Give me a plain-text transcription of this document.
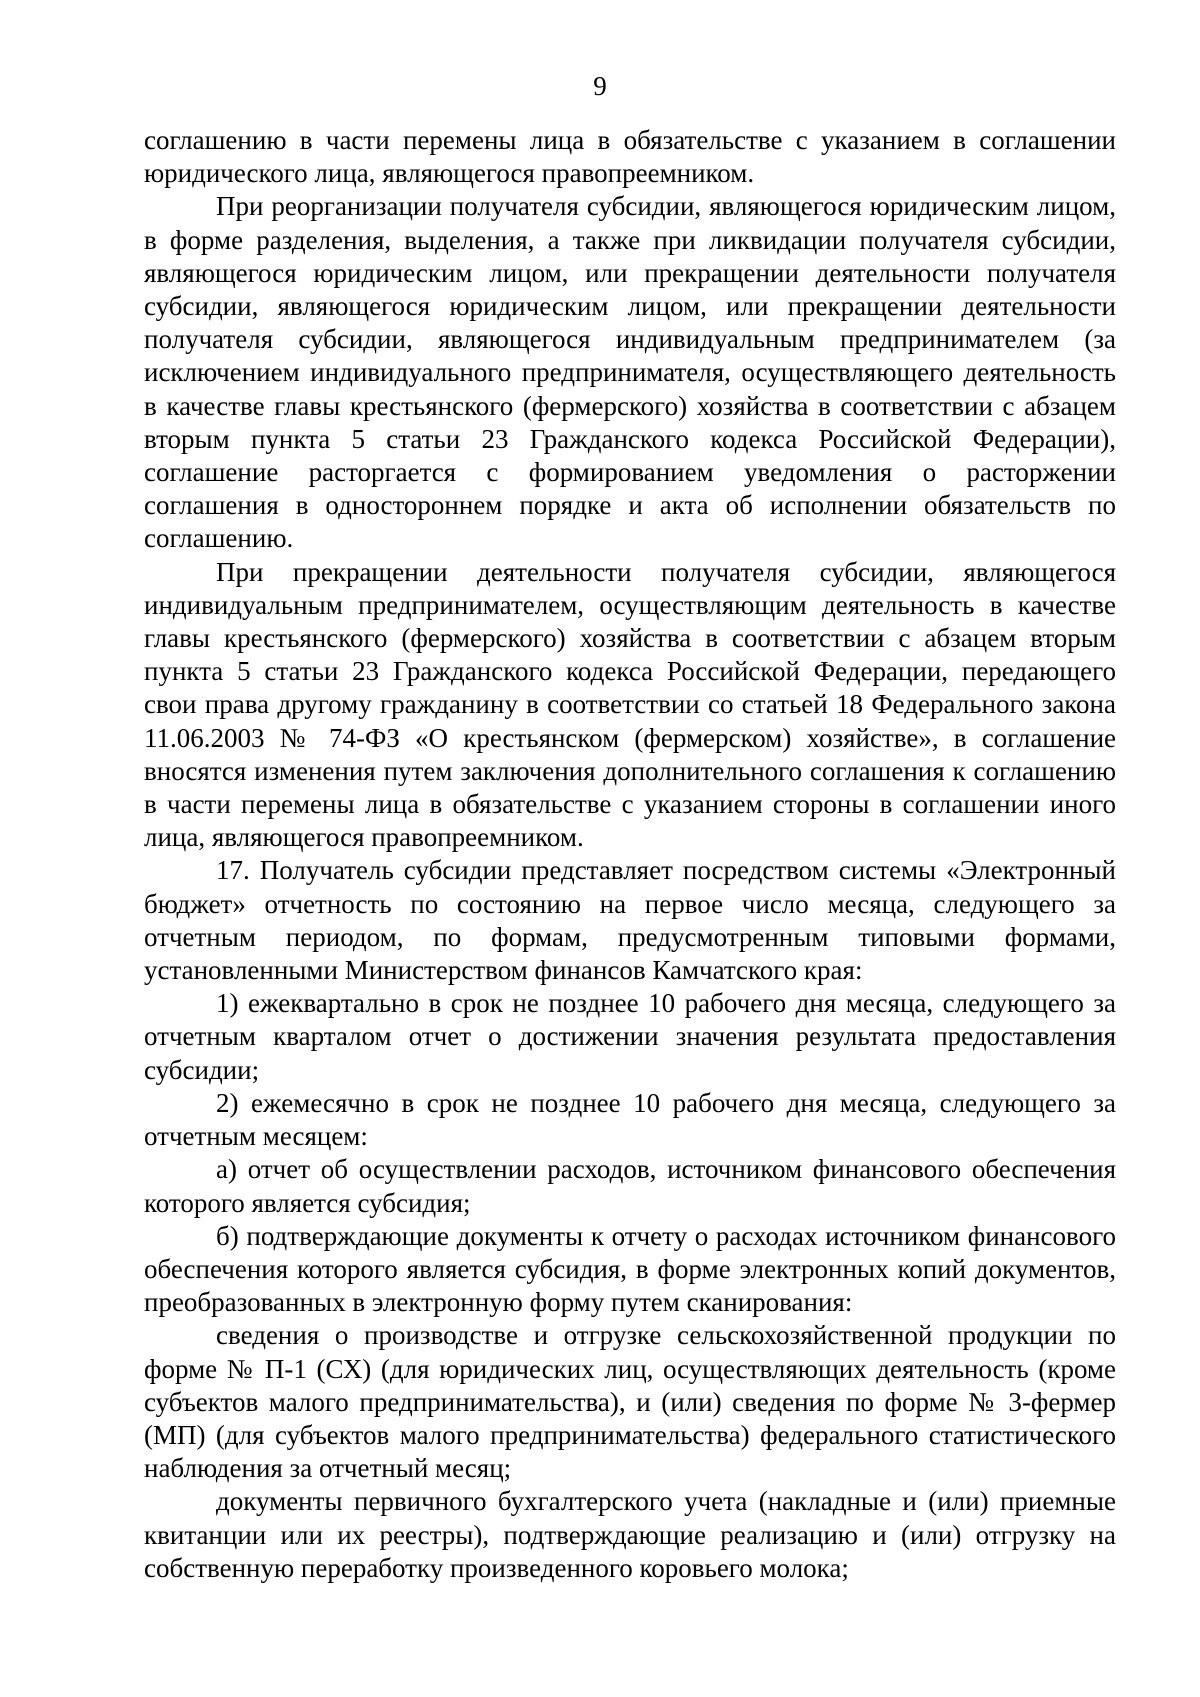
9

соглашению в части перемены лица в обязательстве с указанием в соглашении юридического лица, являющегося правопреемником.

При реорганизации получателя субсидии, являющегося юридическим лицом, в форме разделения, выделения, а также при ликвидации получателя субсидии, являющегося юридическим лицом, или прекращении деятельности получателя субсидии, являющегося юридическим лицом, или прекращении деятельности получателя субсидии, являющегося индивидуальным предпринимателем (за исключением индивидуального предпринимателя, осуществляющего деятельность в качестве главы крестьянского (фермерского) хозяйства в соответствии с абзацем вторым пункта 5 статьи 23 Гражданского кодекса Российской Федерации), соглашение расторгается с формированием уведомления о расторжении соглашения в одностороннем порядке и акта об исполнении обязательств по соглашению.

При прекращении деятельности получателя субсидии, являющегося индивидуальным предпринимателем, осуществляющим деятельность в качестве главы крестьянского (фермерского) хозяйства в соответствии с абзацем вторым пункта 5 статьи 23 Гражданского кодекса Российской Федерации, передающего свои права другому гражданину в соответствии со статьей 18 Федерального закона 11.06.2003 № 74-ФЗ «О крестьянском (фермерском) хозяйстве», в соглашение вносятся изменения путем заключения дополнительного соглашения к соглашению в части перемены лица в обязательстве с указанием стороны в соглашении иного лица, являющегося правопреемником.

17. Получатель субсидии представляет посредством системы «Электронный бюджет» отчетность по состоянию на первое число месяца, следующего за отчетным периодом, по формам, предусмотренным типовыми формами, установленными Министерством финансов Камчатского края:

1) ежеквартально в срок не позднее 10 рабочего дня месяца, следующего за отчетным кварталом отчет о достижении значения результата предоставления субсидии;

2) ежемесячно в срок не позднее 10 рабочего дня месяца, следующего за отчетным месяцем:

а) отчет об осуществлении расходов, источником финансового обеспечения которого является субсидия;

б) подтверждающие документы к отчету о расходах источником финансового обеспечения которого является субсидия, в форме электронных копий документов, преобразованных в электронную форму путем сканирования:

сведения о производстве и отгрузке сельскохозяйственной продукции по форме № П-1 (СХ) (для юридических лиц, осуществляющих деятельность (кроме субъектов малого предпринимательства), и (или) сведения по форме № 3-фермер (МП) (для субъектов малого предпринимательства) федерального статистического наблюдения за отчетный месяц;

документы первичного бухгалтерского учета (накладные и (или) приемные квитанции или их реестры), подтверждающие реализацию и (или) отгрузку на собственную переработку произведенного коровьего молока;
